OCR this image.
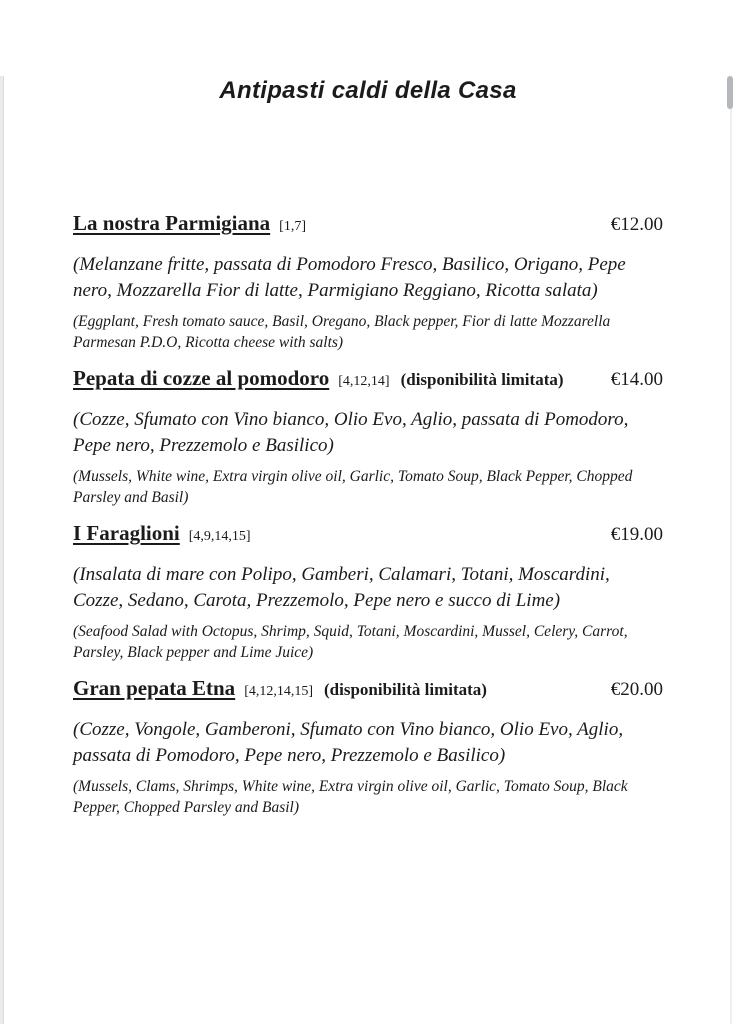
Antipasti caldi della Casa
La nostra Parmigiana [1,7]	€12.00

(Melanzane fritte, passata di Pomodoro Fresco, Basilico, Origano, Pepe nero, Mozzarella Fior di latte, Parmigiano Reggiano, Ricotta salata)

(Eggplant, Fresh tomato sauce, Basil, Oregano, Black pepper, Fior di latte Mozzarella Parmesan P.D.O, Ricotta cheese with salts)

Pepata di cozze al pomodoro [4,12,14] (disponibilità limitata) €14.00

(Cozze, Sfumato con Vino bianco, Olio Evo, Aglio, passata di Pomodoro, Pepe nero, Prezzemolo e Basilico)

(Mussels, White wine, Extra virgin olive oil, Garlic, Tomato Soup, Black Pepper, Chopped Parsley and Basil)

I Faraglioni [4,9,14,15]	€19.00

(Insalata di mare con Polipo, Gamberi, Calamari, Totani, Moscardini, Cozze, Sedano, Carota, Prezzemolo, Pepe nero e succo di Lime)

(Seafood Salad with Octopus, Shrimp, Squid, Totani, Moscardini, Mussel, Celery, Carrot, Parsley, Black pepper and Lime Juice)

Gran pepata Etna [4,12,14,15] (disponibilità limitata)	€20.00

(Cozze, Vongole, Gamberoni, Sfumato con Vino bianco, Olio Evo, Aglio, passata di Pomodoro, Pepe nero, Prezzemolo e Basilico)

(Mussels, Clams, Shrimps, White wine, Extra virgin olive oil, Garlic, Tomato Soup, Black Pepper, Chopped Parsley and Basil)
